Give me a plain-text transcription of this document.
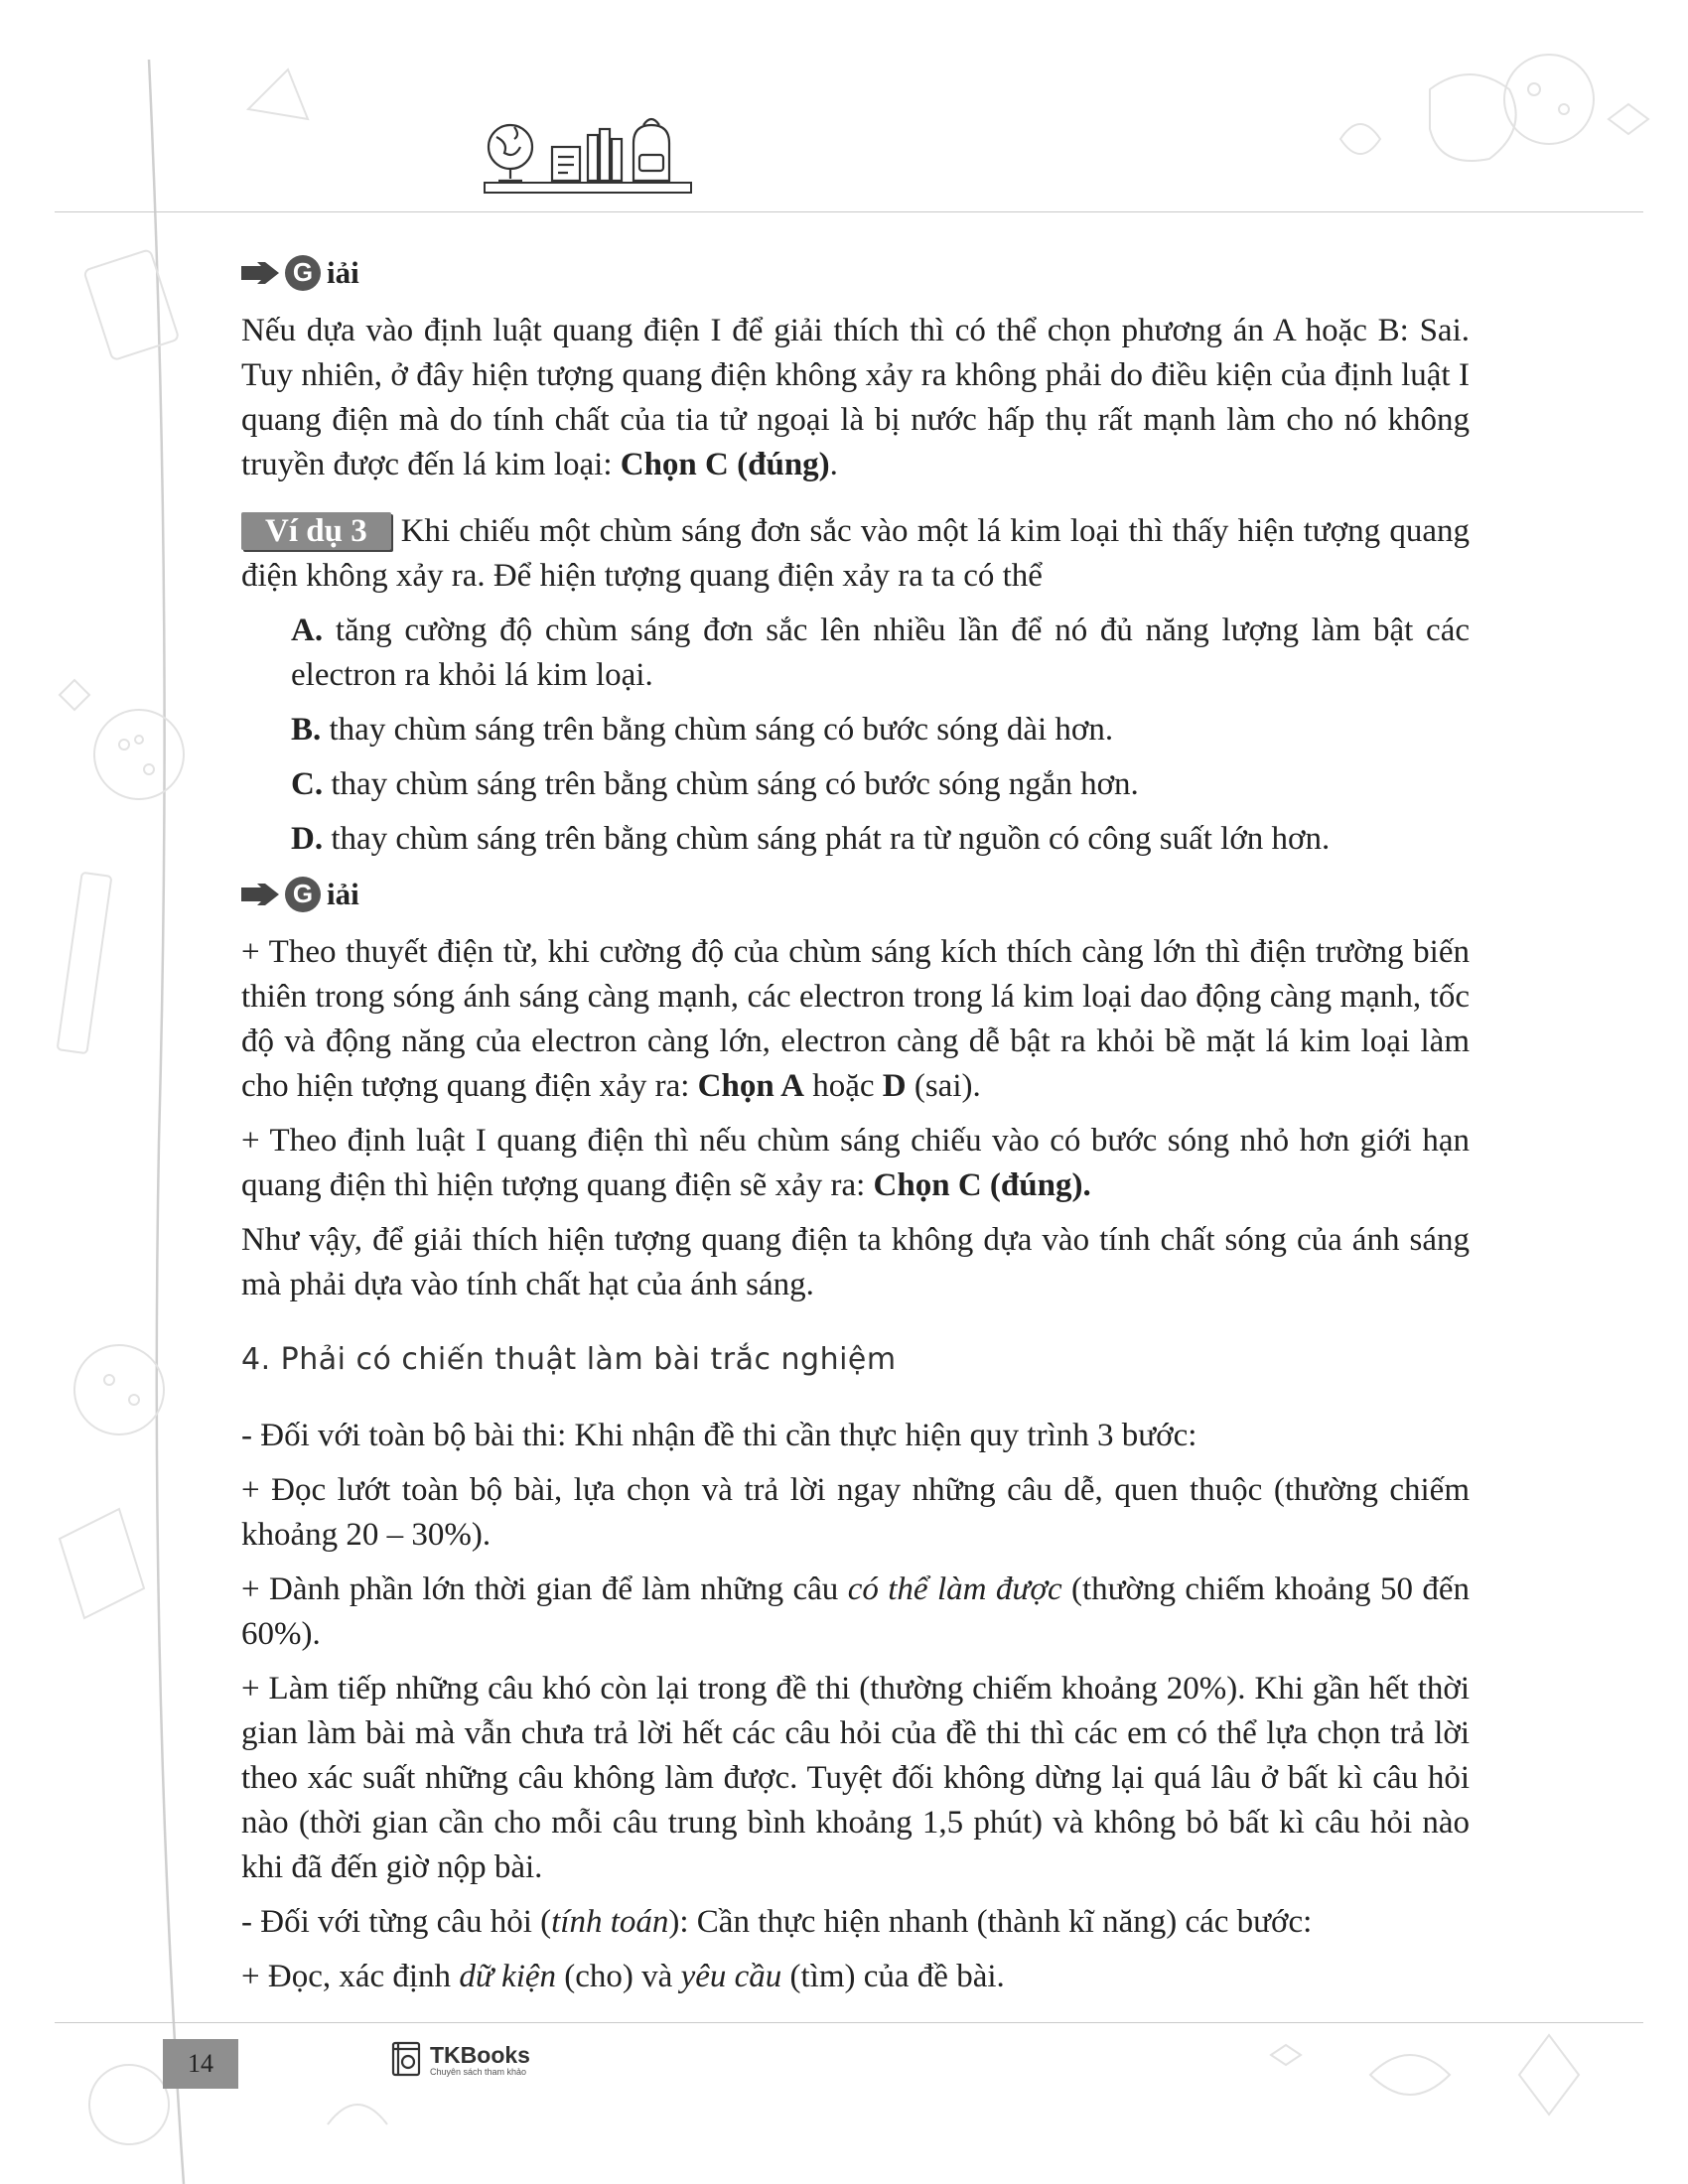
G iải

Nếu dựa vào định luật quang điện I để giải thích thì có thể chọn phương án A hoặc B: Sai. Tuy nhiên, ở đây hiện tượng quang điện không xảy ra không phải do điều kiện của định luật I quang điện mà do tính chất của tia tử ngoại là bị nước hấp thụ rất mạnh làm cho nó không truyền được đến lá kim loại: Chọn C (đúng).

Ví dụ 3 Khi chiếu một chùm sáng đơn sắc vào một lá kim loại thì thấy hiện tượng quang điện không xảy ra. Để hiện tượng quang điện xảy ra ta có thể

A. tăng cường độ chùm sáng đơn sắc lên nhiều lần để nó đủ năng lượng làm bật các electron ra khỏi lá kim loại.
B. thay chùm sáng trên bằng chùm sáng có bước sóng dài hơn.
C. thay chùm sáng trên bằng chùm sáng có bước sóng ngắn hơn.
D. thay chùm sáng trên bằng chùm sáng phát ra từ nguồn có công suất lớn hơn.
G iải

+ Theo thuyết điện từ, khi cường độ của chùm sáng kích thích càng lớn thì điện trường biến thiên trong sóng ánh sáng càng mạnh, các electron trong lá kim loại dao động càng mạnh, tốc độ và động năng của electron càng lớn, electron càng dễ bật ra khỏi bề mặt lá kim loại làm cho hiện tượng quang điện xảy ra: Chọn A hoặc D (sai).

+ Theo định luật I quang điện thì nếu chùm sáng chiếu vào có bước sóng nhỏ hơn giới hạn quang điện thì hiện tượng quang điện sẽ xảy ra: Chọn C (đúng).

Như vậy, để giải thích hiện tượng quang điện ta không dựa vào tính chất sóng của ánh sáng mà phải dựa vào tính chất hạt của ánh sáng.

4. Phải có chiến thuật làm bài trắc nghiệm

- Đối với toàn bộ bài thi: Khi nhận đề thi cần thực hiện quy trình 3 bước:

+ Đọc lướt toàn bộ bài, lựa chọn và trả lời ngay những câu dễ, quen thuộc (thường chiếm khoảng 20 – 30%).

+ Dành phần lớn thời gian để làm những câu có thể làm được (thường chiếm khoảng 50 đến 60%).

+ Làm tiếp những câu khó còn lại trong đề thi (thường chiếm khoảng 20%). Khi gần hết thời gian làm bài mà vẫn chưa trả lời hết các câu hỏi của đề thi thì các em có thể lựa chọn trả lời theo xác suất những câu không làm được. Tuyệt đối không dừng lại quá lâu ở bất kì câu hỏi nào (thời gian cần cho mỗi câu trung bình khoảng 1,5 phút) và không bỏ bất kì câu hỏi nào khi đã đến giờ nộp bài.

- Đối với từng câu hỏi (tính toán): Cần thực hiện nhanh (thành kĩ năng) các bước:

+ Đọc, xác định dữ kiện (cho) và yêu cầu (tìm) của đề bài.

14	TKBooks
Chuyên sách tham khảo
